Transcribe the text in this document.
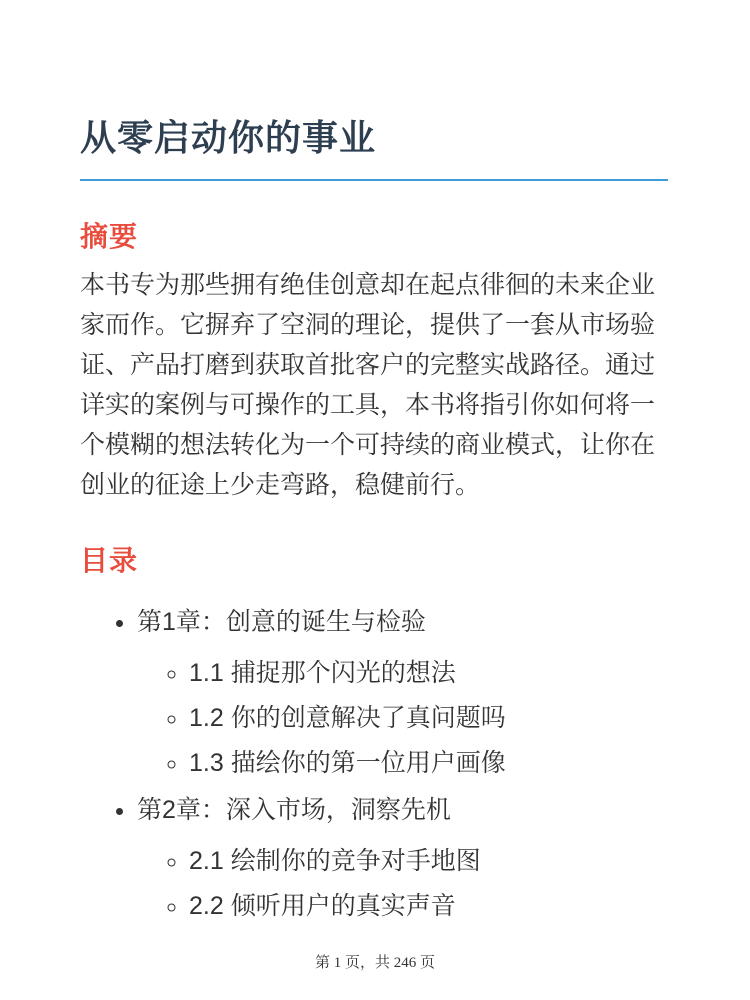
从零启动你的事业
摘要

本书专为那些拥有绝佳创意却在起点徘徊的未来企业家而作。它摒弃了空洞的理论，提供了一套从市场验证、产品打磨到获取首批客户的完整实战路径。通过详实的案例与可操作的工具，本书将指引你如何将一个模糊的想法转化为一个可持续的商业模式，让你在创业的征途上少走弯路，稳健前行。

目录
• 第1章：创意的诞生与检验
◦ 1.1 捕捉那个闪光的想法
◦ 1.2 你的创意解决了真问题吗
◦ 1.3 描绘你的第一位用户画像
• 第2章：深入市场，洞察先机
◦ 2.1 绘制你的竞争对手地图
◦ 2.2 倾听用户的真实声音
第 1 页，共 246 页
